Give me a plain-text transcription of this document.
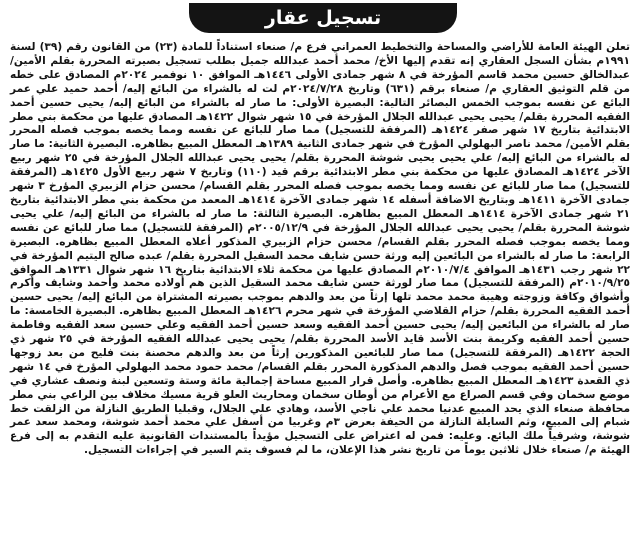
تسجيل عقار

تعلن الهيئة العامة للأراضي والمساحة والتخطيط العمراني فرع م/ صنعاء استناداً للمادة (٢٣) من القانون رقم (٣٩) لسنة ١٩٩١م بشأن السجل العقاري إنه تقدم إليها الأخ/ محمد أحمد عبدالله جميل بطلب تسجيل بصيرته المحررة بقلم الأمين/ عبدالخالق حسين محمد قاسم المؤرخة في ٨ شهر جمادى الأولى ١٤٤٦هـ الموافق ١٠ نوفمبر ٢٠٢٤م المصادق على خطه من قلم التوثيق العقاري م/ صنعاء برقم (٦٣١) وتاريخ ٢٠٢٤/٧/٢٨م لت له بالشراء من البائع إليه/ أحمد حميد علي عمر البائع عن نفسه بموجب الخمس البصائر التالية: البصيرة الأولى: ما صار له بالشراء من البائع إليه/ يحيى حسين أحمد الفقيه المحررة بقلم/ يحيى يحيى عبدالله الجلال المؤرخة في ١٥ شهر شوال ١٤٢٢هـ المصادق عليها من محكمة بني مطر الابتدائية بتاريخ ١٧ شهر صفر ١٤٢٤هـ (المرفقة للتسجيل) مما صار للبائع عن نفسه ومما يخصه بموجب فصله المحرر بقلم الأمين/ محمد ناصر البهلولي المؤرخ في شهر جمادى الثانية ١٣٨٩هـ المعطل المبيع بظاهره. البصيرة الثانية: ما صار له بالشراء من البائع إليه/ علي يحيى يحيى شوشة المحررة بقلم/ يحيى يحيى عبدالله الجلال المؤرخة في ٢٥ شهر ربيع الآخر ١٤٢٤هـ المصادق عليها من محكمة بني مطر الابتدائية برقم قيد (١١٠) وتاريخ ٧ شهر ربيع الأول ١٤٢٥هـ (المرفقة للتسجيل) مما صار للبائع عن نفسه ومما يخصه بموجب فصله المحرر بقلم القسام/ محسن حزام الزبيري المؤرخ ٣ شهر جمادى الآخرة ١٤١١هـ وبتاريخ الاضافة أسفله ١٤ شهر جمادى الآخرة ١٤١٤هـ المعمد من محكمة بني مطر الابتدائية بتاريخ ٢١ شهر جمادى الآخرة ١٤١٤هـ المعطل المبيع بظاهره. البصيرة الثالثة: ما صار له بالشراء من البائع إليه/ علي يحيى شوشة المحررة بقلم/ يحيى يحيى عبدالله الجلال المؤرخة في ٢٠٠٥/١٢/٩م (المرفقة للتسجيل) مما صار للبائع عن نفسه ومما يخصه بموجب فصله المحرر بقلم القسام/ محسن حزام الزبيري المذكور أعلاه المعطل المبيع بظاهره. البصيرة الرابعة: ما صار له بالشراء من البائعين إليه ورثة حسن شايف محمد السقيل المحررة بقلم/ عبده صالح اليتيم المؤرخة في ٢٢ شهر رجب ١٤٣١هـ الموافق ٢٠١٠/٧/٤م المصادق عليها من محكمة ثلاء الابتدائية بتاريخ ١٦ شهر شوال ١٣٣١هـ الموافق ٢٠١٠/٩/٢٥م (المرفقة للتسجيل) مما صار لورثة حسن شايف محمد السقيل الذين هم أولاده محمد وأحمد وشايف وأكرم وأشواق وكافة وزوجته وهيبة محمد محمد تلها إرثاً من بعد والدهم بموجب بصيرته المشتراة من البائع إليه/ يحيى حسين أحمد الفقيه المحررة بقلم/ حزام القلاضي المؤرخة في شهر محرم ١٤٢٦هـ المعطل المبيع بظاهره. البصيرة الخامسة: ما صار له بالشراء من البائعين إليه/ يحيى حسين أحمد الفقيه وسعد حسين أحمد الفقيه وعلي حسين سعد الفقيه وفاطمة حسين أحمد الفقيه وكريمة بنت الأسد قايد الأسد المحررة بقلم/ يحيى يحيى عبدالله الفقيه المؤرخة في ٢٥ شهر ذي الحجة ١٤٢٢هـ (المرفقة للتسجيل) مما صار للبائعين المذكورين إرثاً من بعد والدهم محصنة بنت فليح من بعد زوجها حسين أحمد الفقيه بموجب فصل والدهم المذكورة المحرر بقلم القسام/ محمد حمود محمد البهلولي المؤرخ في ١٤ شهر ذي القعدة ١٤٢٣هـ المعطل المبيع بظاهره. وأصل قرار المبيع مساحة إجمالية مائة وستة وتسعين لبنة ونصف عشاري في موضع سخمان وفي قسم الصراع مع الأعرام من أوطان سخمان ومحاريث العلو قرية مسيك مخلاف بين الراعي بني مطر محافظة صنعاء الذي يحد المبيع عدنيا محمد علي ناجي الأسد، وهادي علي الجلال، وقبليا الطريق النازلة من الزلقت خط شبام إلى المبيع، وثم السايلة النازلة من الحيفة بعرض ٣م وغربيا من أسفل علي محمد أحمد شوشة، ومحمد سعد عمر شوشة، وشرقياً ملك البائع. وعليه: فمن له اعتراض على التسجيل مؤيداً بالمستندات القانونية عليه التقدم به إلى فرع الهيئة م/ صنعاء خلال ثلاثين يوماً من تاريخ نشر هذا الإعلان، ما لم فسوف يتم السير في إجراءات التسجيل.
